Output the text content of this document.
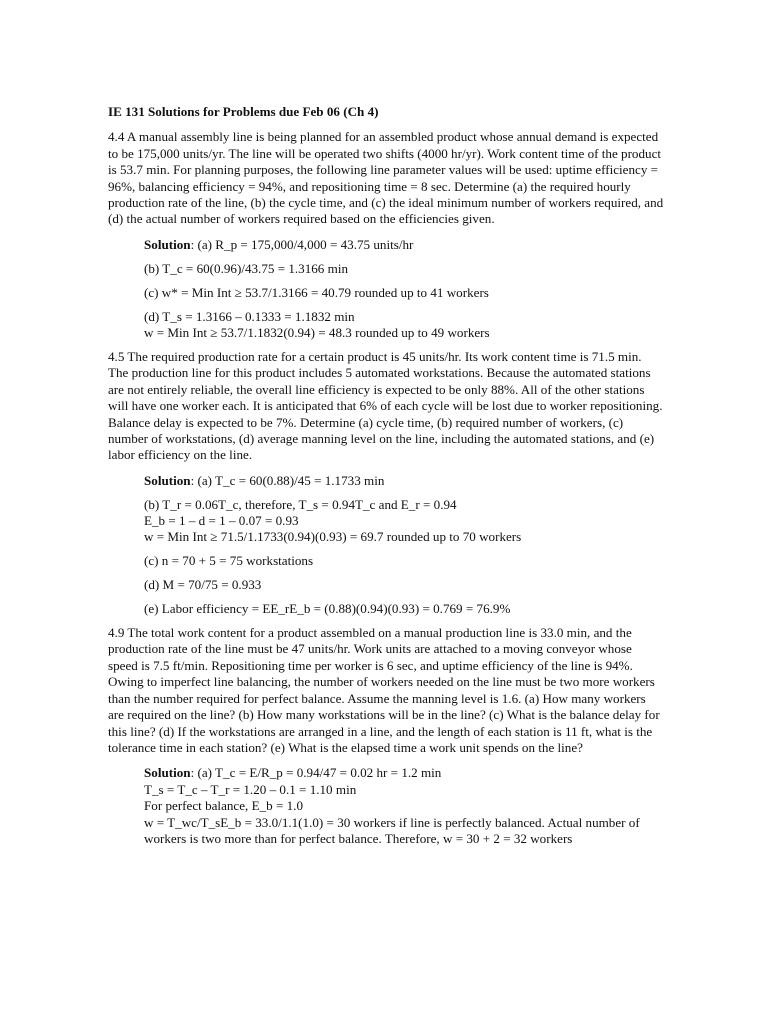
IE 131 Solutions for Problems due Feb 06 (Ch 4)
4.4 A manual assembly line is being planned for an assembled product whose annual demand is expected to be 175,000 units/yr. The line will be operated two shifts (4000 hr/yr). Work content time of the product is 53.7 min. For planning purposes, the following line parameter values will be used: uptime efficiency = 96%, balancing efficiency = 94%, and repositioning time = 8 sec. Determine (a) the required hourly production rate of the line, (b) the cycle time, and (c) the ideal minimum number of workers required, and (d) the actual number of workers required based on the efficiencies given.
Solution: (a) R_p = 175,000/4,000 = 43.75 units/hr
(b) T_c = 60(0.96)/43.75 = 1.3166 min
(c) w* = Min Int ≥ 53.7/1.3166 = 40.79 rounded up to 41 workers
(d) T_s = 1.3166 – 0.1333 = 1.1832 min
w = Min Int ≥ 53.7/1.1832(0.94) = 48.3 rounded up to 49 workers
4.5 The required production rate for a certain product is 45 units/hr. Its work content time is 71.5 min. The production line for this product includes 5 automated workstations. Because the automated stations are not entirely reliable, the overall line efficiency is expected to be only 88%. All of the other stations will have one worker each. It is anticipated that 6% of each cycle will be lost due to worker repositioning. Balance delay is expected to be 7%. Determine (a) cycle time, (b) required number of workers, (c) number of workstations, (d) average manning level on the line, including the automated stations, and (e) labor efficiency on the line.
Solution: (a) T_c = 60(0.88)/45 = 1.1733 min
(b) T_r = 0.06T_c, therefore, T_s = 0.94T_c and E_r = 0.94
E_b = 1 – d = 1 – 0.07 = 0.93
w = Min Int ≥ 71.5/1.1733(0.94)(0.93) = 69.7 rounded up to 70 workers
(c) n = 70 + 5 = 75 workstations
(d) M = 70/75 = 0.933
(e) Labor efficiency = EE_rE_b = (0.88)(0.94)(0.93) = 0.769 = 76.9%
4.9 The total work content for a product assembled on a manual production line is 33.0 min, and the production rate of the line must be 47 units/hr. Work units are attached to a moving conveyor whose speed is 7.5 ft/min. Repositioning time per worker is 6 sec, and uptime efficiency of the line is 94%. Owing to imperfect line balancing, the number of workers needed on the line must be two more workers than the number required for perfect balance. Assume the manning level is 1.6. (a) How many workers are required on the line? (b) How many workstations will be in the line? (c) What is the balance delay for this line? (d) If the workstations are arranged in a line, and the length of each station is 11 ft, what is the tolerance time in each station? (e) What is the elapsed time a work unit spends on the line?
Solution: (a) T_c = E/R_p = 0.94/47 = 0.02 hr = 1.2 min
T_s = T_c – T_r = 1.20 – 0.1 = 1.10 min
For perfect balance, E_b = 1.0
w = T_wc/T_sE_b = 33.0/1.1(1.0) = 30 workers if line is perfectly balanced. Actual number of
workers is two more than for perfect balance. Therefore, w = 30 + 2 = 32 workers
